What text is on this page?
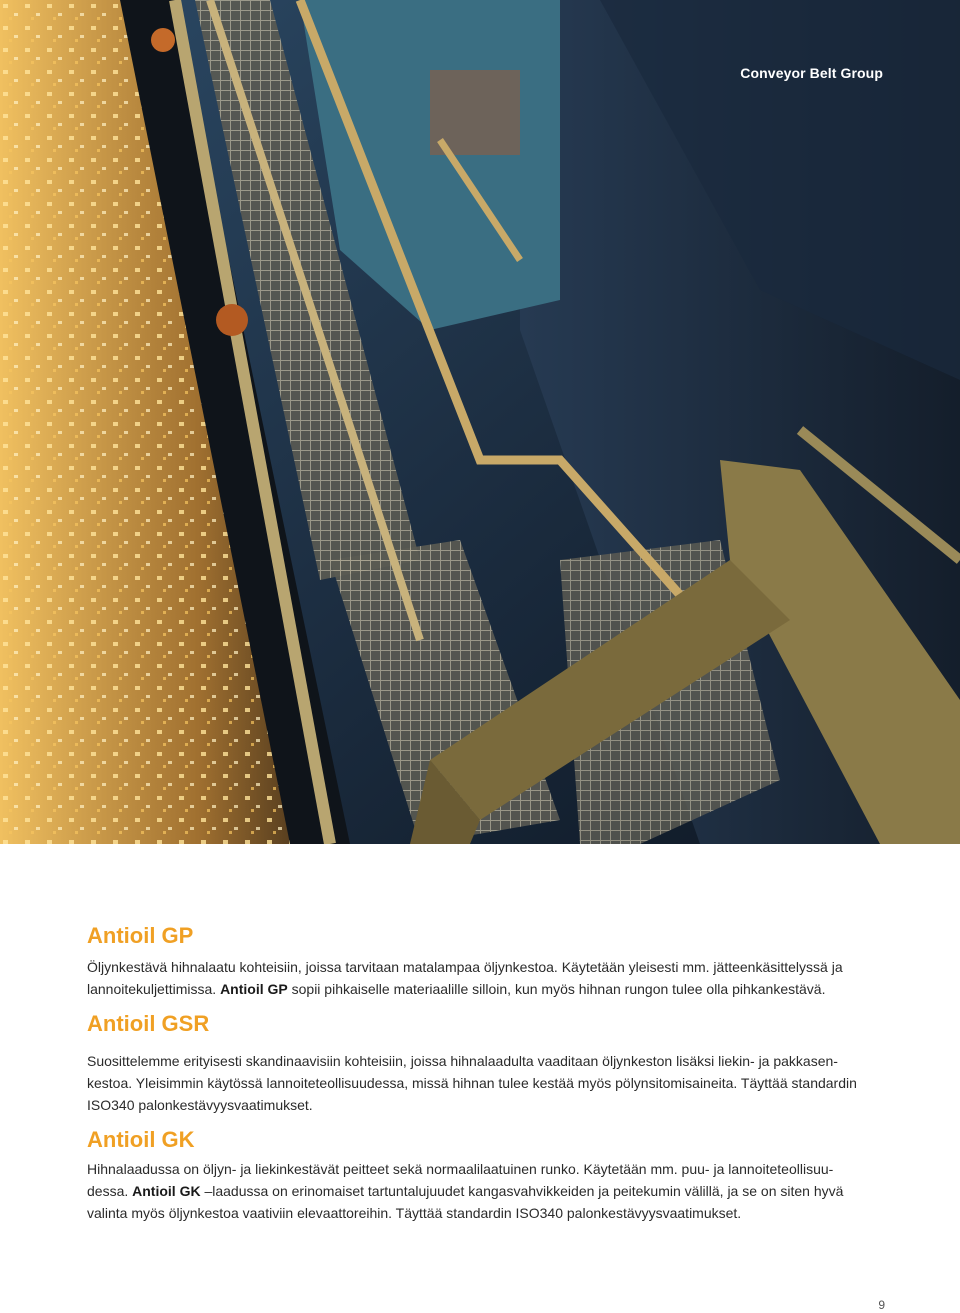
Conveyor Belt Group
Antioil GP

Öljynkestävä hihnalaatu kohteisiin, joissa tarvitaan matalampaa öljynkestoa. Käytetään yleisesti mm. jätteenkäsittelyssä ja lannoitekuljettimissa. Antioil GP sopii pihkaiselle materiaalille silloin, kun myös hihnan rungon tulee olla pihkankestävä.

Antioil GSR

Suosittelemme erityisesti skandinaavisiin kohteisiin, joissa hihnalaadulta vaaditaan öljynkeston lisäksi liekin- ja pakkasen-kestoa. Yleisimmin käytössä lannoiteteollisuudessa, missä hihnan tulee kestää myös pölynsitomisaineita. Täyttää standardin ISO340 palonkestävyysvaatimukset.

Antioil GK

Hihnalaadussa on öljyn- ja liekinkestävät peitteet sekä normaalilaatuinen runko. Käytetään mm. puu- ja lannoiteteollisuu-dessa. Antioil GK –laadussa on erinomaiset tartuntalujuudet kangasvahvikkeiden ja peitekumin välillä, ja se on siten hyvä valinta myös öljynkestoa vaativiin elevaattoreihin. Täyttää standardin ISO340 palonkestävyysvaatimukset.

9
